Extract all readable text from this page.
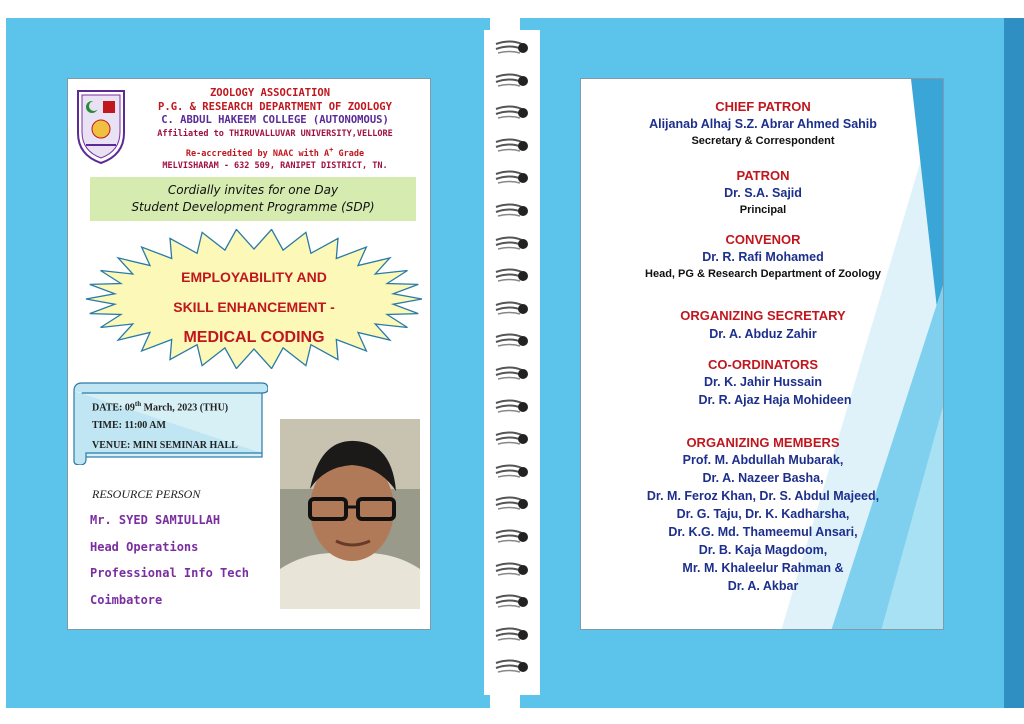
ZOOLOGY ASSOCIATION
P.G. & RESEARCH DEPARTMENT OF ZOOLOGY
C. ABDUL HAKEEM COLLEGE (AUTONOMOUS)
Affiliated to THIRUVALLUVAR UNIVERSITY,VELLORE
Re-accredited by NAAC with A+ Grade
MELVISHARAM - 632 509, RANIPET DISTRICT, TN.
Cordially invites for one Day
Student Development Programme (SDP)
EMPLOYABILITY AND
SKILL ENHANCEMENT -
MEDICAL CODING
DATE: 09th March, 2023 (THU)
TIME: 11:00 AM
VENUE: MINI SEMINAR HALL
RESOURCE PERSON
Mr. SYED SAMIULLAH
Head Operations
Professional Info Tech
Coimbatore
CHIEF PATRON
Alijanab Alhaj S.Z. Abrar Ahmed Sahib
Secretary & Correspondent
PATRON
Dr. S.A. Sajid
Principal
CONVENOR
Dr. R. Rafi Mohamed
Head, PG & Research Department of Zoology
ORGANIZING SECRETARY
Dr. A. Abduz Zahir
CO-ORDINATORS
Dr. K. Jahir Hussain
Dr. R. Ajaz Haja Mohideen
ORGANIZING MEMBERS
Prof. M. Abdullah Mubarak,
Dr. A. Nazeer Basha,
Dr. M. Feroz Khan, Dr. S. Abdul Majeed,
Dr. G. Taju, Dr. K. Kadharsha,
Dr. K.G. Md. Thameemul Ansari,
Dr. B. Kaja Magdoom,
Mr. M. Khaleelur Rahman &
Dr. A. Akbar
